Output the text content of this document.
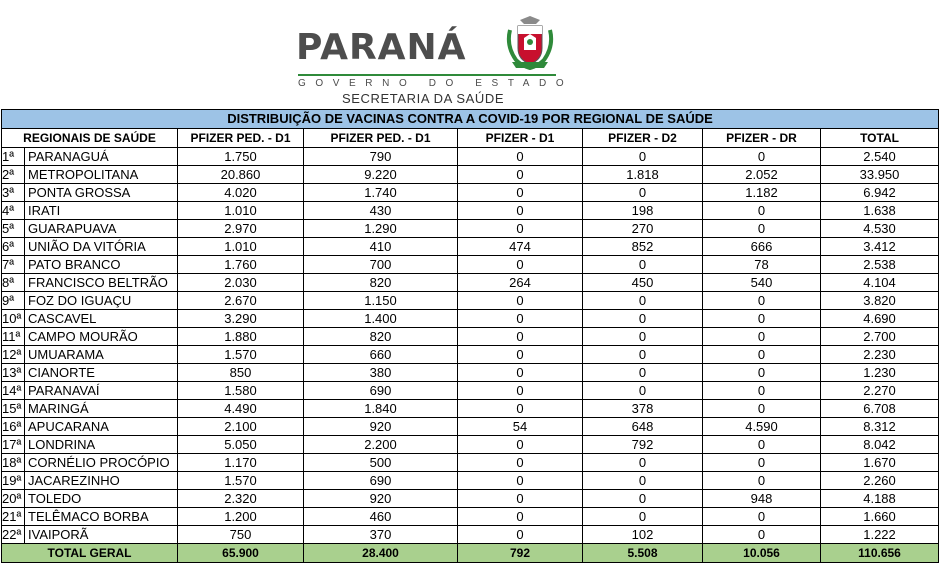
PARANÁ
GOVERNO DO ESTADO
SECRETARIA DA SAÚDE
DISTRIBUIÇÃO DE VACINAS CONTRA A COVID-19 POR REGIONAL DE SAÚDE						
REGIONAIS DE SAÚDE	PFIZER PED. - D1	PFIZER PED. - D1	PFIZER - D1	PFIZER - D2	PFIZER - DR	TOTAL
1ª PARANAGUÁ	1.750	790	0	0	0	2.540
2ª METROPOLITANA	20.860	9.220	0	1.818	2.052	33.950
3ª PONTA GROSSA	4.020	1.740	0	0	1.182	6.942
4ª IRATI	1.010	430	0	198	0	1.638
5ª GUARAPUAVA	2.970	1.290	0	270	0	4.530
6ª UNIÃO DA VITÓRIA	1.010	410	474	852	666	3.412
7ª PATO BRANCO	1.760	700	0	0	78	2.538
8ª FRANCISCO BELTRÃO	2.030	820	264	450	540	4.104
9ª FOZ DO IGUAÇU	2.670	1.150	0	0	0	3.820
10ª CASCAVEL	3.290	1.400	0	0	0	4.690
11ª CAMPO MOURÃO	1.880	820	0	0	0	2.700
12ª UMUARAMA	1.570	660	0	0	0	2.230
13ª CIANORTE	850	380	0	0	0	1.230
14ª PARANAVAÍ	1.580	690	0	0	0	2.270
15ª MARINGÁ	4.490	1.840	0	378	0	6.708
16ª APUCARANA	2.100	920	54	648	4.590	8.312
17ª LONDRINA	5.050	2.200	0	792	0	8.042
18ª CORNÉLIO PROCÓPIO	1.170	500	0	0	0	1.670
19ª JACAREZINHO	1.570	690	0	0	0	2.260
20ª TOLEDO	2.320	920	0	0	948	4.188
21ª TELÊMACO BORBA	1.200	460	0	0	0	1.660
22ª IVAIPORÃ	750	370	0	102	0	1.222
TOTAL GERAL	65.900	28.400	792	5.508	10.056	110.656
